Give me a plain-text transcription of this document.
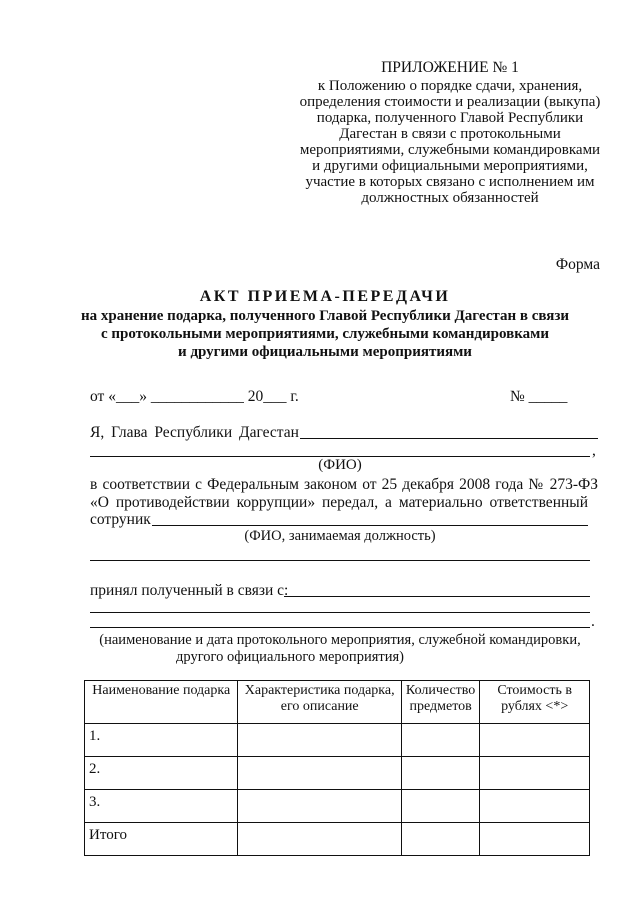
ПРИЛОЖЕНИЕ № 1
к Положению о порядке сдачи, хранения,
определения стоимости и реализации (выкупа)
подарка, полученного Главой Республики
Дагестан в связи с протокольными
мероприятиями, служебными командировками
и другими официальными мероприятиями,
участие в которых связано с исполнением им
должностных обязанностей
Форма
АКТ ПРИЕМА-ПЕРЕДАЧИ
на хранение подарка, полученного Главой Республики Дагестан в связи
с протокольными мероприятиями, служебными командировками
и другими официальными мероприятиями
от «___» ____________ 20___ г.	№ _____
Я, Глава Республики Дагестан
,
(ФИО)
в соответствии с Федеральным законом от 25 декабря 2008 года № 273-ФЗ
«О противодействии коррупции» передал, а материально ответственный
сотруник
(ФИО, занимаемая должность)
принял полученный в связи с:
.
(наименование и дата протокольного мероприятия, служебной командировки,
другого официального мероприятия)
Наименование подарка	Характеристика подарка, его описание	Количество предметов	Стоимость в рублях <*>
1.			
2.			
3.			
Итого			
